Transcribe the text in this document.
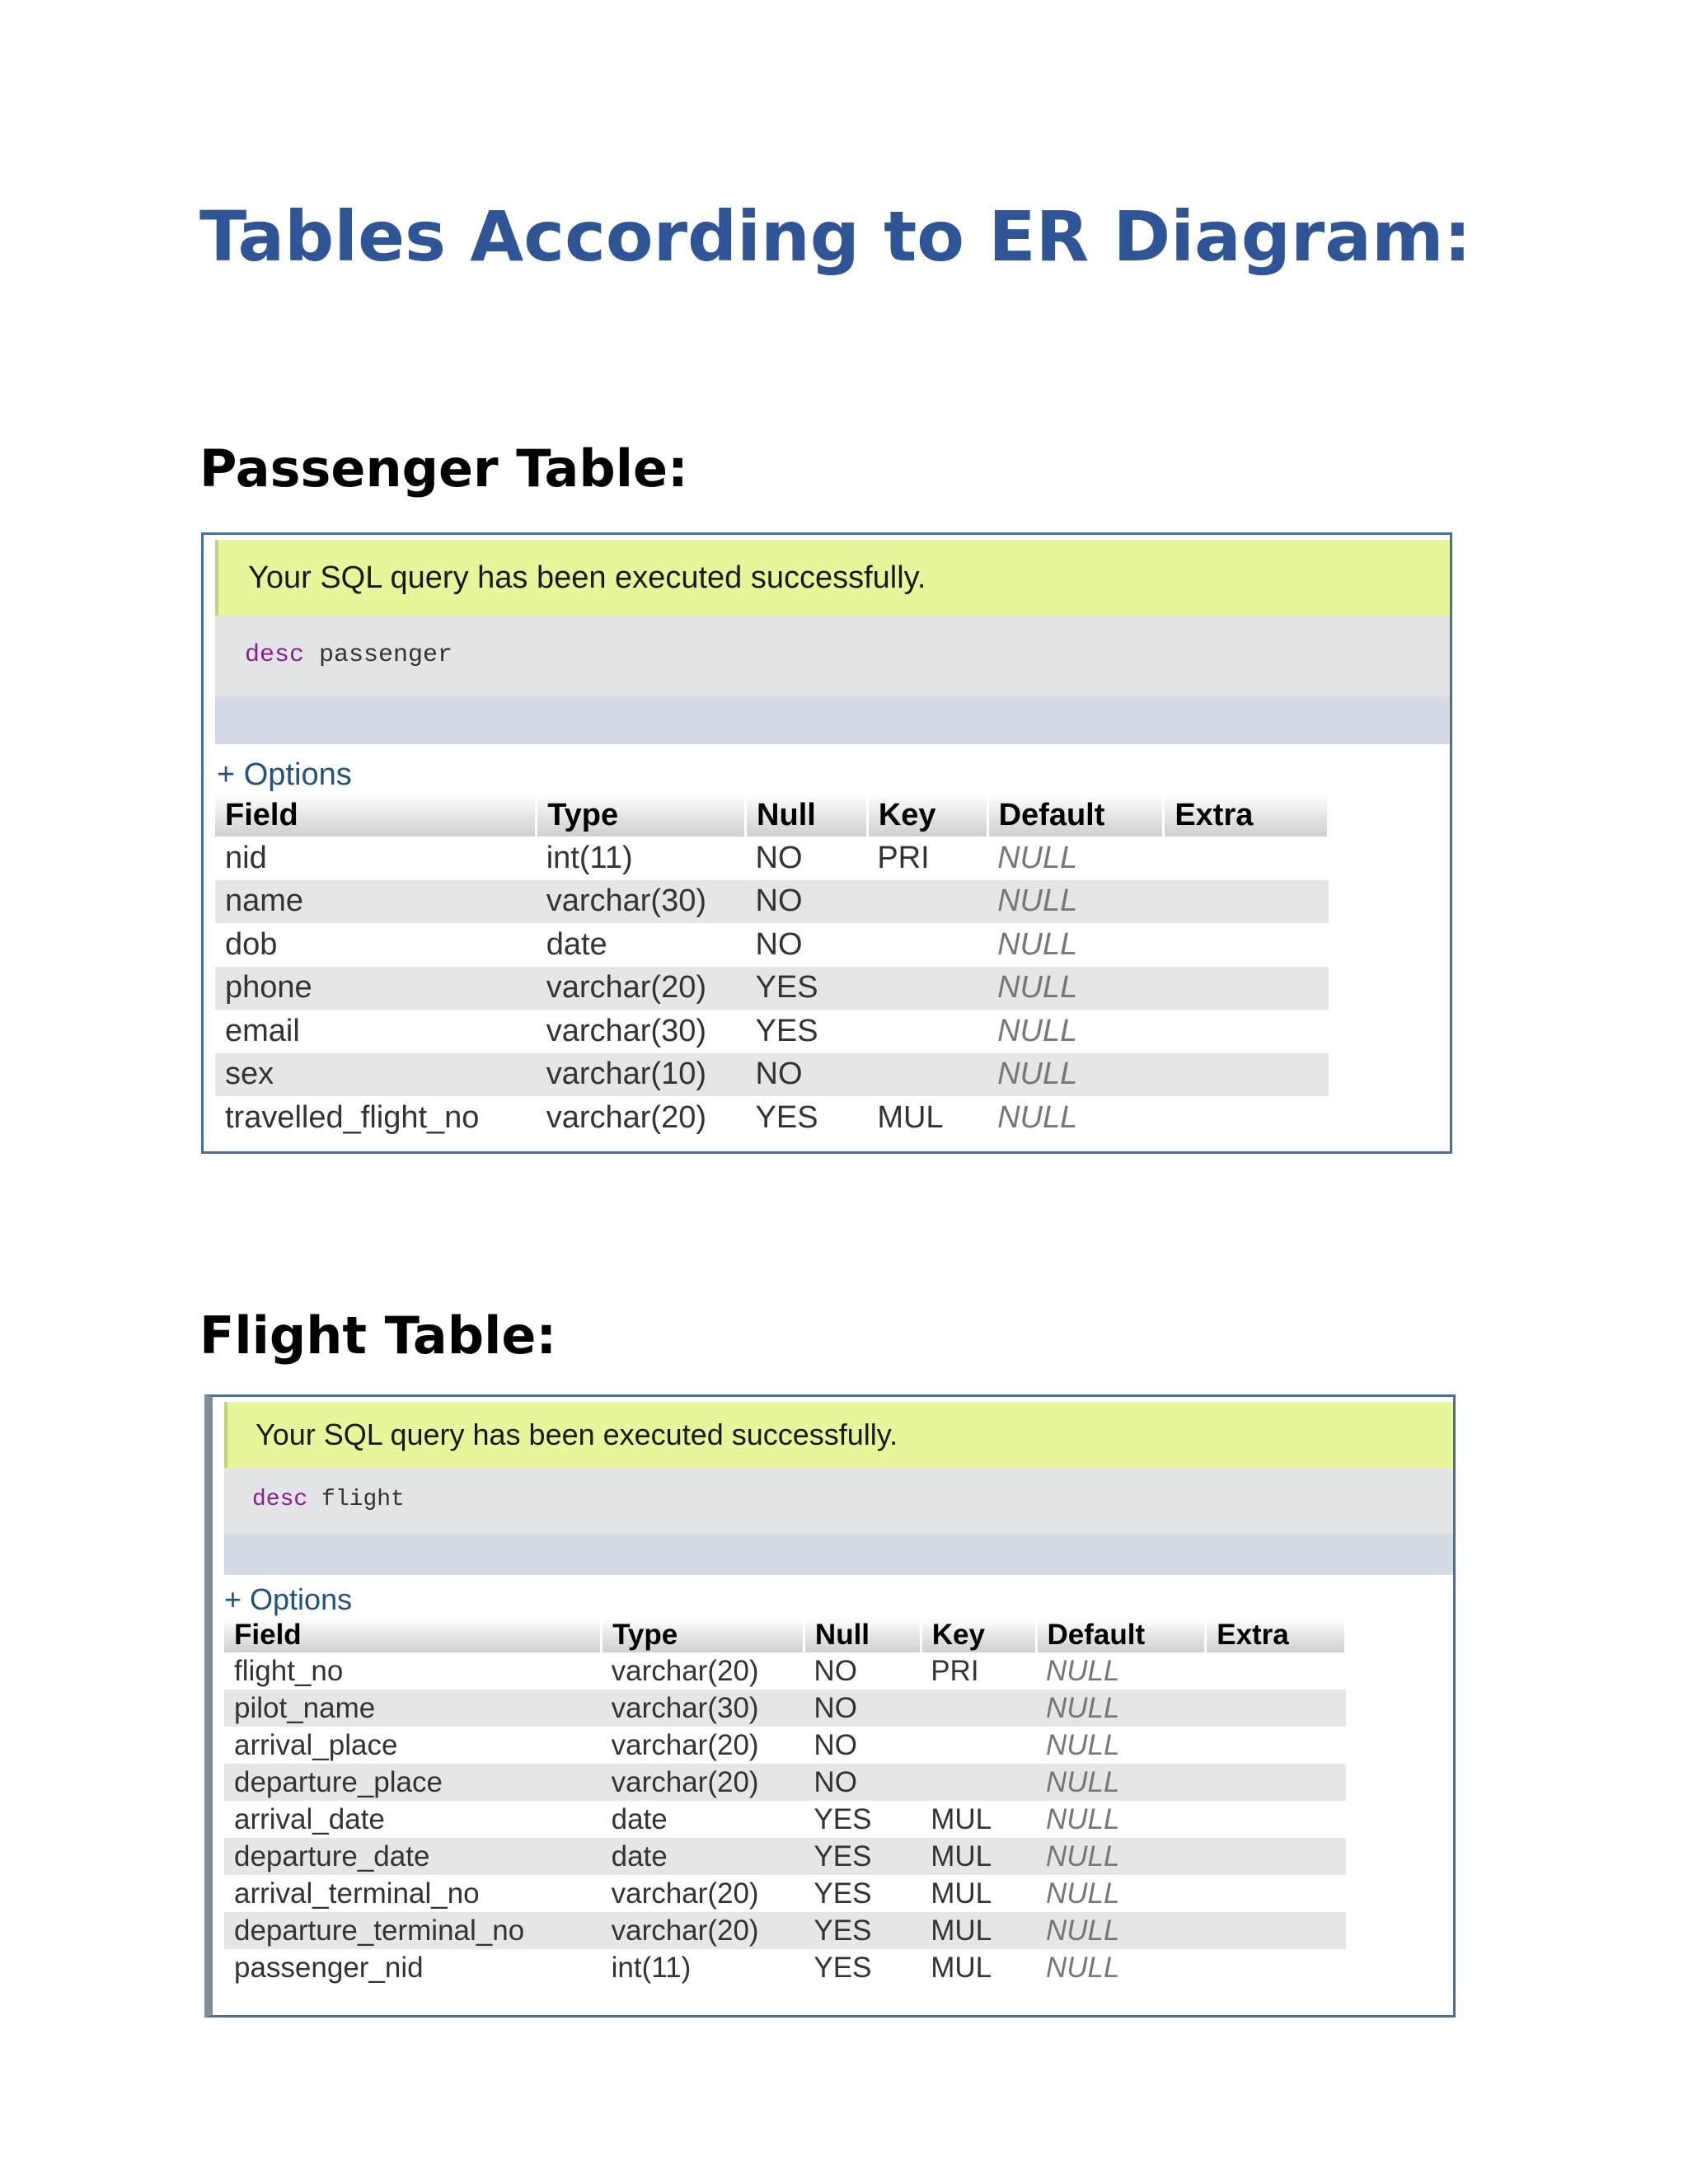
Tables According to ER Diagram:
Passenger Table:
Your SQL query has been executed successfully.
desc passenger
+ Options
Field	Type	Null	Key	Default	Extra
nid	int(11)	NO	PRI	NULL	
name	varchar(30)	NO		NULL	
dob	date	NO		NULL	
phone	varchar(20)	YES		NULL	
email	varchar(30)	YES		NULL	
sex	varchar(10)	NO		NULL	
travelled_flight_no	varchar(20)	YES	MUL	NULL	
Flight Table:
Your SQL query has been executed successfully.
desc flight
+ Options
Field	Type	Null	Key	Default	Extra
flight_no	varchar(20)	NO	PRI	NULL	
pilot_name	varchar(30)	NO		NULL	
arrival_place	varchar(20)	NO		NULL	
departure_place	varchar(20)	NO		NULL	
arrival_date	date	YES	MUL	NULL	
departure_date	date	YES	MUL	NULL	
arrival_terminal_no	varchar(20)	YES	MUL	NULL	
departure_terminal_no	varchar(20)	YES	MUL	NULL	
passenger_nid	int(11)	YES	MUL	NULL	
